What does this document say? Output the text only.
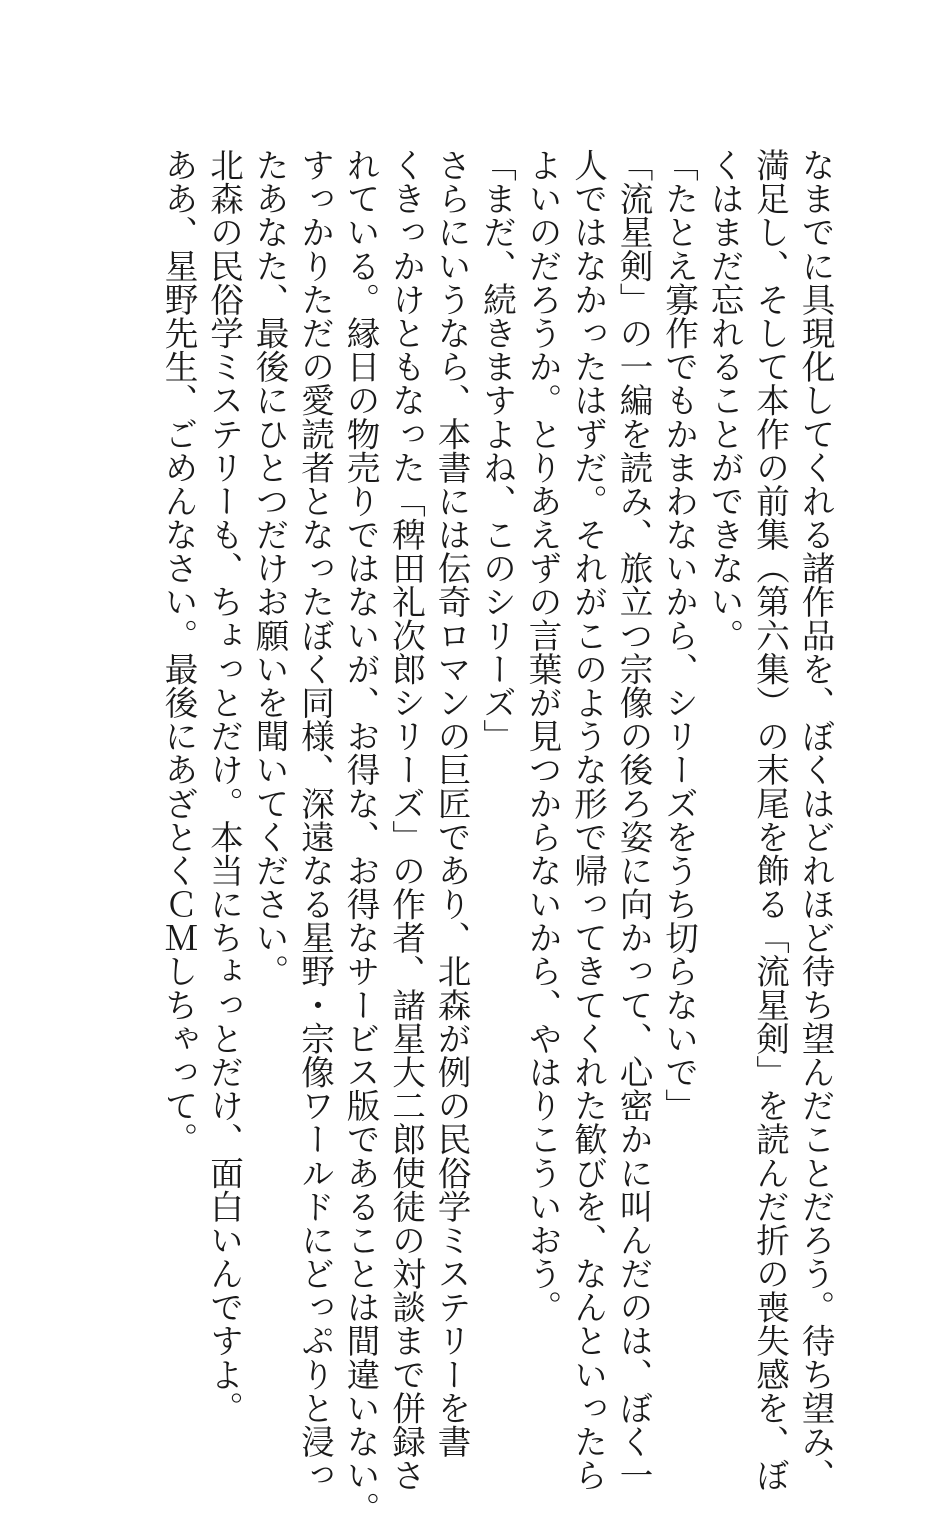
なまでに具現化してくれる諸作品を、ぼくはどれほど待ち望んだことだろう。待ち望み、
満足し、そして本作の前集（第六集）の末尾を飾る「流星剣」を読んだ折の喪失感を、ぼ
くはまだ忘れることができない。
「たとえ寡作でもかまわないから、シリーズをうち切らないで」
「流星剣」の一編を読み、旅立つ宗像の後ろ姿に向かって、心密かに叫んだのは、ぼく一
人ではなかったはずだ。それがこのような形で帰ってきてくれた歓びを、なんといったら
よいのだろうか。とりあえずの言葉が見つからないから、やはりこういおう。
「まだ、続きますよね、このシリーズ」
さらにいうなら、本書には伝奇ロマンの巨匠であり、北森が例の民俗学ミステリーを書
くきっかけともなった「稗田礼次郎シリーズ」の作者、諸星大二郎使徒の対談まで併録さ
れている。縁日の物売りではないが、お得な、お得なサービス版であることは間違いない。
すっかりただの愛読者となったぼく同様、深遠なる星野・宗像ワールドにどっぷりと浸っ
たあなた、最後にひとつだけお願いを聞いてください。
北森の民俗学ミステリーも、ちょっとだけ。本当にちょっとだけ、面白いんですよ。
ああ、星野先生、ごめんなさい。最後にあざとくＣＭしちゃって。
